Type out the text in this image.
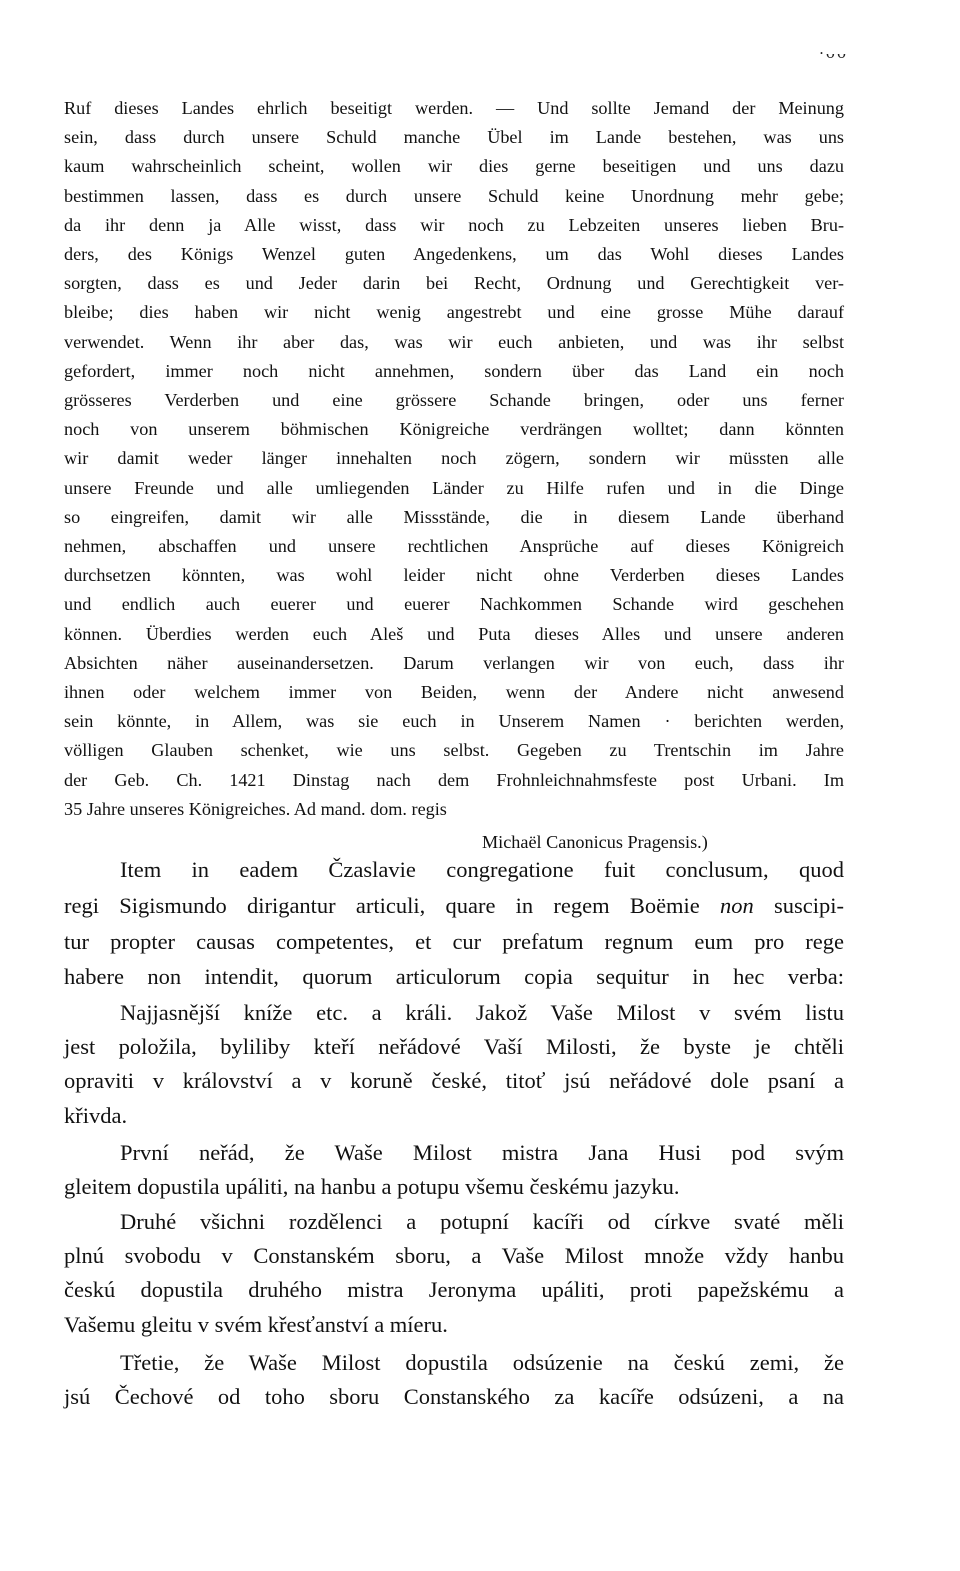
·ᴗᴗ
Ruf dieses Landes ehrlich beseitigt werden. — Und sollte Jemand der Meinung
sein, dass durch unsere Schuld manche Übel im Lande bestehen, was uns
kaum wahrscheinlich scheint, wollen wir dies gerne beseitigen und uns dazu
bestimmen lassen, dass es durch unsere Schuld keine Unordnung mehr gebe;
da ihr denn ja Alle wisst, dass wir noch zu Lebzeiten unseres lieben Bru-
ders, des Königs Wenzel guten Angedenkens, um das Wohl dieses Landes
sorgten, dass es und Jeder darin bei Recht, Ordnung und Gerechtigkeit ver-
bleibe; dies haben wir nicht wenig angestrebt und eine grosse Mühe darauf
verwendet. Wenn ihr aber das, was wir euch anbieten, und was ihr selbst
gefordert, immer noch nicht annehmen, sondern über das Land ein noch
grösseres Verderben und eine grössere Schande bringen, oder uns ferner
noch von unserem böhmischen Königreiche verdrängen wolltet; dann könnten
wir damit weder länger innehalten noch zögern, sondern wir müssten alle
unsere Freunde und alle umliegenden Länder zu Hilfe rufen und in die Dinge
so eingreifen, damit wir alle Missstände, die in diesem Lande überhand
nehmen, abschaffen und unsere rechtlichen Ansprüche auf dieses Königreich
durchsetzen könnten, was wohl leider nicht ohne Verderben dieses Landes
und endlich auch euerer und euerer Nachkommen Schande wird geschehen
können. Überdies werden euch Aleš und Puta dieses Alles und unsere anderen
Absichten näher auseinandersetzen. Darum verlangen wir von euch, dass ihr
ihnen oder welchem immer von Beiden, wenn der Andere nicht anwesend
sein könnte, in Allem, was sie euch in Unserem Namen · berichten werden,
völligen Glauben schenket, wie uns selbst. Gegeben zu Trentschin im Jahre
der Geb. Ch. 1421 Dinstag nach dem Frohnleichnahmsfeste post Urbani. Im
35 Jahre unseres Königreiches. Ad mand. dom. regis
Michaël Canonicus Pragensis.)
Item in eadem Čzaslavie congregatione fuit conclusum, quod
regi Sigismundo dirigantur articuli, quare in regem Boëmie non suscipi-
tur propter causas competentes, et cur prefatum regnum eum pro rege
habere non intendit, quorum articulorum copia sequitur in hec verba:
Najjasnější kníže etc. a králi. Jakož Vaše Milost v svém listu
jest položila, byliliby kteří neřádové Vaší Milosti, že byste je chtěli
opraviti v království a v koruně české, titoť jsú neřádové dole psaní a
křivda.
První neřád, že Waše Milost mistra Jana Husi pod svým
gleitem dopustila upáliti, na hanbu a potupu všemu českému jazyku.
Druhé všichni rozdělenci a potupní kacíři od církve svaté měli
plnú svobodu v Constanském sboru, a Vaše Milost množe vždy hanbu
českú dopustila druhého mistra Jeronyma upáliti, proti papežskému a
Vašemu gleitu v svém křesťanství a míeru.
Třetie, že Waše Milost dopustila odsúzenie na českú zemi, že
jsú Čechové od toho sboru Constanského za kacíře odsúzeni, a na
